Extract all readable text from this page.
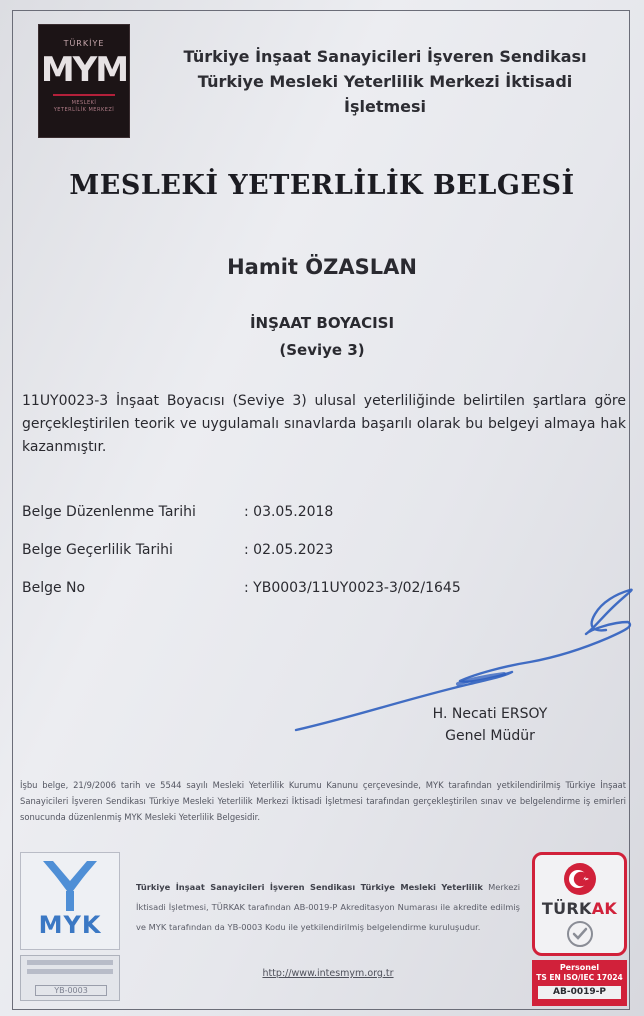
TÜRKİYE
MYM
MESLEKİ
YETERLİLİK MERKEZİ
Türkiye İnşaat Sanayicileri İşveren Sendikası
Türkiye Mesleki Yeterlilik Merkezi İktisadi
İşletmesi
MESLEKİ YETERLİLİK BELGESİ
Hamit ÖZASLAN
İNŞAAT BOYACISI
(Seviye 3)
11UY0023-3 İnşaat Boyacısı (Seviye 3) ulusal yeterliliğinde belirtilen şartlara göre gerçekleştirilen teorik ve uygulamalı sınavlarda başarılı olarak bu belgeyi almaya hak kazanmıştır.
Belge Düzenlenme Tarihi	: 03.05.2018
Belge Geçerlilik Tarihi	: 02.05.2023
Belge No	: YB0003/11UY0023-3/02/1645
H. Necati ERSOY
Genel Müdür
İşbu belge, 21/9/2006 tarih ve 5544 sayılı Mesleki Yeterlilik Kurumu Kanunu çerçevesinde, MYK tarafından yetkilendirilmiş Türkiye İnşaat Sanayicileri İşveren Sendikası Türkiye Mesleki Yeterlilik Merkezi İktisadi İşletmesi tarafından gerçekleştirilen sınav ve belgelendirme iş emirleri sonucunda düzenlenmiş MYK Mesleki Yeterlilik Belgesidir.
MYK
YB-0003
Türkiye İnşaat Sanayicileri İşveren Sendikası Türkiye Mesleki Yeterlilik Merkezi İktisadi İşletmesi, TÜRKAK tarafından AB-0019-P Akreditasyon Numarası ile akredite edilmiş ve MYK tarafından da YB-0003 Kodu ile yetkilendirilmiş belgelendirme kuruluşudur.
http://www.intesmym.org.tr
TÜRKAK
Personel
TS EN ISO/IEC 17024
AB-0019-P
